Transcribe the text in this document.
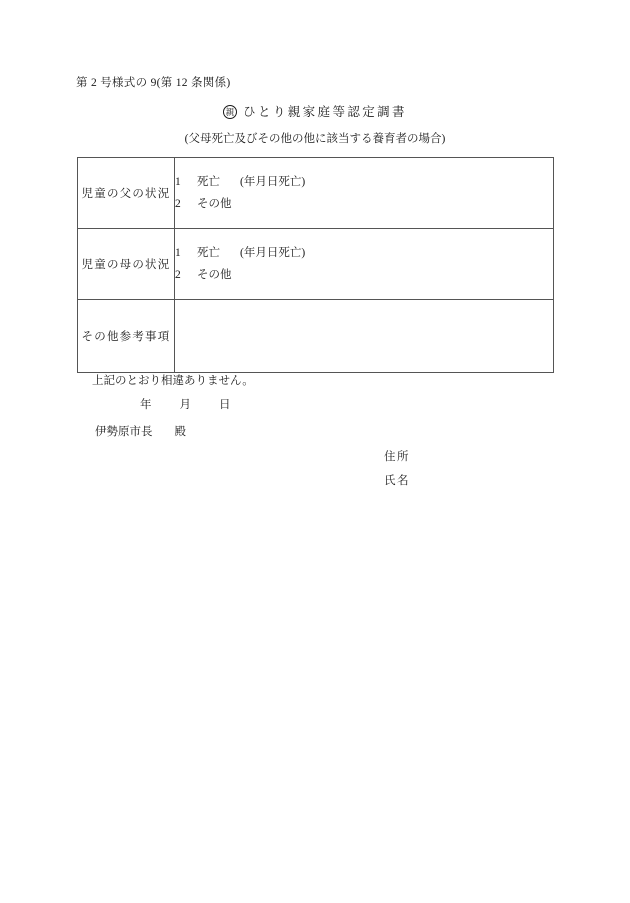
第 2 号様式の 9(第 12 条関係)
親 ひとり親家庭等認定調書
(父母死亡及びその他の他に該当する養育者の場合)
児童の父の状況	1 死亡 (年月日死亡)
2 その他

児童の母の状況	1 死亡 (年月日死亡)
2 その他

その他参考事項	
上記のとおり相違ありません。
年 月 日
伊勢原市長 殿
住所
氏名
